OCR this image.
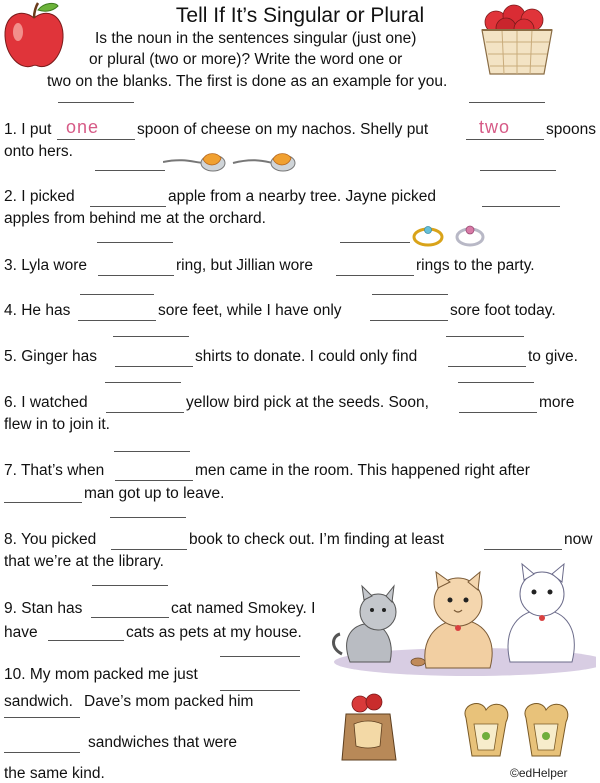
Tell If It’s Singular or Plural
Is the noun in the sentences singular (just one)
or plural (two or more)? Write the word one or
two on the blanks. The first is done as an example for you.
1. I put one spoon of cheese on my nachos. Shelly put	two spoons
onto hers.
2. I picked	apple from a nearby tree. Jayne picked
apples from behind me at the orchard.
3. Lyla wore	ring, but Jillian wore	rings to the party.
4. He has	sore feet, while I have only	sore foot today.
5. Ginger has	shirts to donate. I could only find	to give.
6. I watched	yellow bird pick at the seeds. Soon,	more
flew in to join it.
7. That’s when	men came in the room. This happened right after
man got up to leave.
8. You picked	book to check out. I’m finding at least	now
that we’re at the library.
9. Stan has	cat named Smokey. I
have	cats as pets at my house.
10. My mom packed me just
sandwich. Dave’s mom packed him
sandwiches that were
the same kind.	©edHelper
